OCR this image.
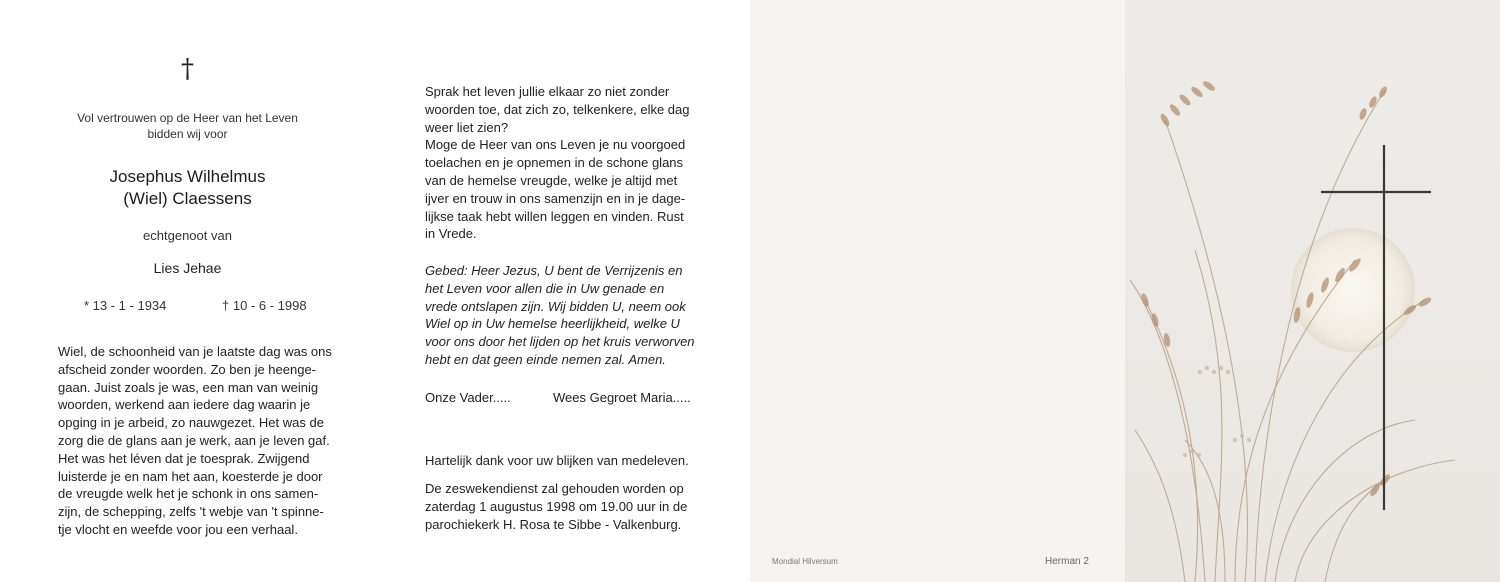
†
Vol vertrouwen op de Heer van het Leven
bidden wij voor
Josephus Wilhelmus
(Wiel) Claessens
echtgenoot van
Lies Jehae
* 13 - 1 - 1934	† 10 - 6 - 1998
Wiel, de schoonheid van je laatste dag was ons
afscheid zonder woorden. Zo ben je heenge-
gaan. Juist zoals je was, een man van weinig
woorden, werkend aan iedere dag waarin je
opging in je arbeid, zo nauwgezet. Het was de
zorg die de glans aan je werk, aan je leven gaf.
Het was het léven dat je toesprak. Zwijgend
luisterde je en nam het aan, koesterde je door
de vreugde welk het je schonk in ons samen-
zijn, de schepping, zelfs 't webje van 't spinne-
tje vlocht en weefde voor jou een verhaal.
Sprak het leven jullie elkaar zo niet zonder
woorden toe, dat zich zo, telkenkere, elke dag
weer liet zien?
Moge de Heer van ons Leven je nu voorgoed
toelachen en je opnemen in de schone glans
van de hemelse vreugde, welke je altijd met
ijver en trouw in ons samenzijn en in je dage-
lijkse taak hebt willen leggen en vinden. Rust
in Vrede.
Gebed: Heer Jezus, U bent de Verrijzenis en
het Leven voor allen die in Uw genade en
vrede ontslapen zijn. Wij bidden U, neem ook
Wiel op in Uw hemelse heerlijkheid, welke U
voor ons door het lijden op het kruis verworven
hebt en dat geen einde nemen zal. Amen.
Onze Vader.....	Wees Gegroet Maria.....
Hartelijk dank voor uw blijken van medeleven.
De zeswekendienst zal gehouden worden op
zaterdag 1 augustus 1998 om 19.00 uur in de
parochiekerk H. Rosa te Sibbe - Valkenburg.
Mondial Hilversum	Herman 2
